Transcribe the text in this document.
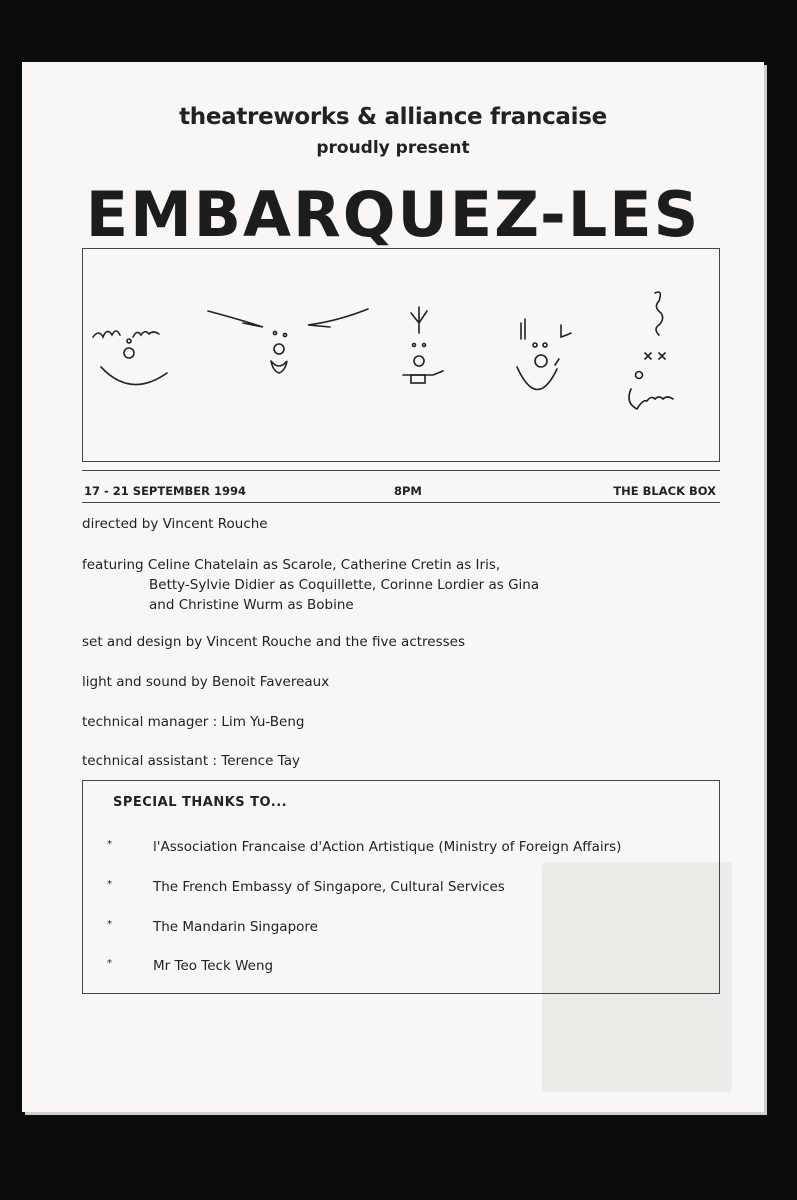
theatreworks & alliance francaise
proudly present
EMBARQUEZ-LES
17 - 21 SEPTEMBER 1994	8PM	THE BLACK BOX
directed by Vincent Rouche
featuring Celine Chatelain as Scarole, Catherine Cretin as Iris,
Betty-Sylvie Didier as Coquillette, Corinne Lordier as Gina
and Christine Wurm as Bobine
set and design by Vincent Rouche and the five actresses
light and sound by Benoit Favereaux
technical manager : Lim Yu-Beng
technical assistant : Terence Tay
SPECIAL THANKS TO...
*	l'Association Francaise d'Action Artistique (Ministry of Foreign Affairs)
*	The French Embassy of Singapore, Cultural Services
*	The Mandarin Singapore
*	Mr Teo Teck Weng
